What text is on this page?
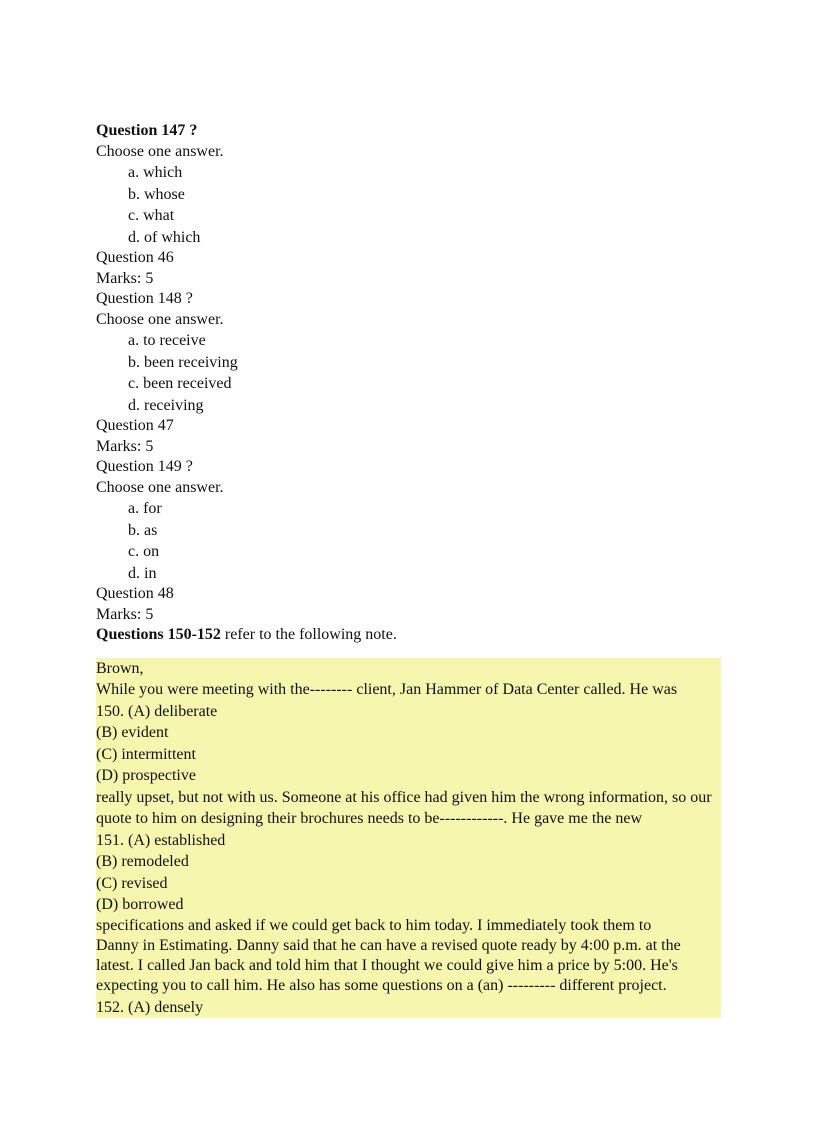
Question 147 ?
Choose one answer.
a. which
b. whose
c. what
d. of which
Question 46
Marks: 5
Question 148 ?
Choose one answer.
a. to receive
b. been receiving
c. been received
d. receiving
Question 47
Marks: 5
Question 149 ?
Choose one answer.
a. for
b. as
c. on
d. in
Question 48
Marks: 5
Questions 150-152 refer to the following note.
Brown,
While you were meeting with the-------- client, Jan Hammer of Data Center called. He was
150. (A) deliberate
(B) evident
(C) intermittent
(D) prospective
really upset, but not with us. Someone at his office had given him the wrong information, so our
quote to him on designing their brochures needs to be------------. He gave me the new
151. (A) established
(B) remodeled
(C) revised
(D) borrowed
specifications and asked if we could get back to him today. I immediately took them to
Danny in Estimating. Danny said that he can have a revised quote ready by 4:00 p.m. at the
latest. I called Jan back and told him that I thought we could give him a price by 5:00. He's
expecting you to call him. He also has some questions on a (an) --------- different project.
152. (A) densely
